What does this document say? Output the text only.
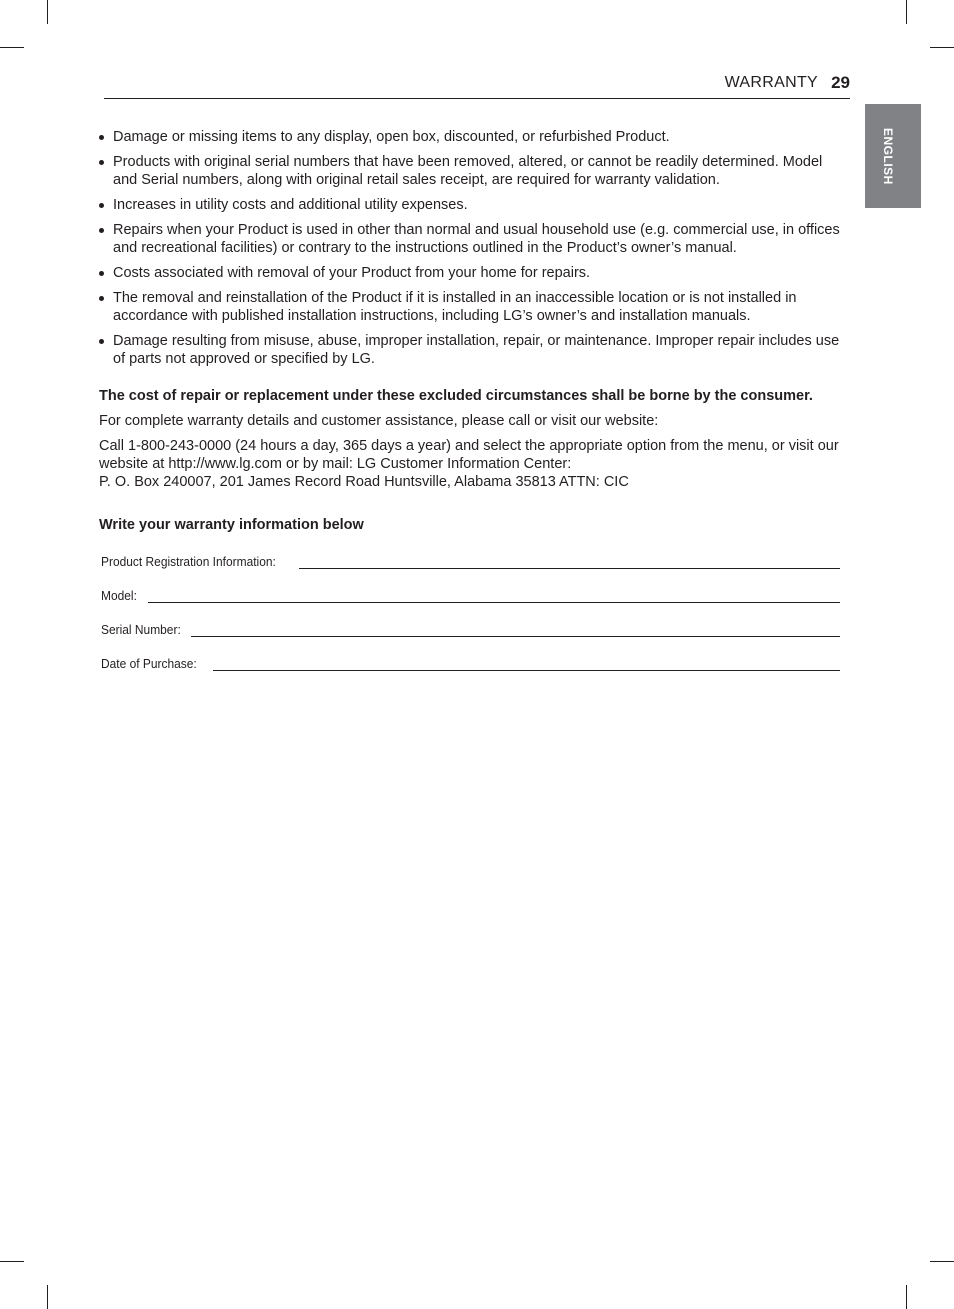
WARRANTY 29
ENGLISH
Damage or missing items to any display, open box, discounted, or refurbished Product.
Products with original serial numbers that have been removed, altered, or cannot be readily determined. Model and Serial numbers, along with original retail sales receipt, are required for warranty validation.
Increases in utility costs and additional utility expenses.
Repairs when your Product is used in other than normal and usual household use (e.g. commercial use, in offices and recreational facilities) or contrary to the instructions outlined in the Product’s owner’s manual.
Costs associated with removal of your Product from your home for repairs.
The removal and reinstallation of the Product if it is installed in an inaccessible location or is not installed in accordance with published installation instructions, including LG’s owner’s and installation manuals.
Damage resulting from misuse, abuse, improper installation, repair, or maintenance. Improper repair includes use of parts not approved or specified by LG.
The cost of repair or replacement under these excluded circumstances shall be borne by the consumer.
For complete warranty details and customer assistance, please call or visit our website:
Call 1-800-243-0000 (24 hours a day, 365 days a year) and select the appropriate option from the menu, or visit our website at http://www.lg.com or by mail: LG Customer Information Center:
P. O. Box 240007, 201 James Record Road Huntsville, Alabama 35813 ATTN: CIC
Write your warranty information below
Product Registration Information:
Model:
Serial Number:
Date of Purchase:
